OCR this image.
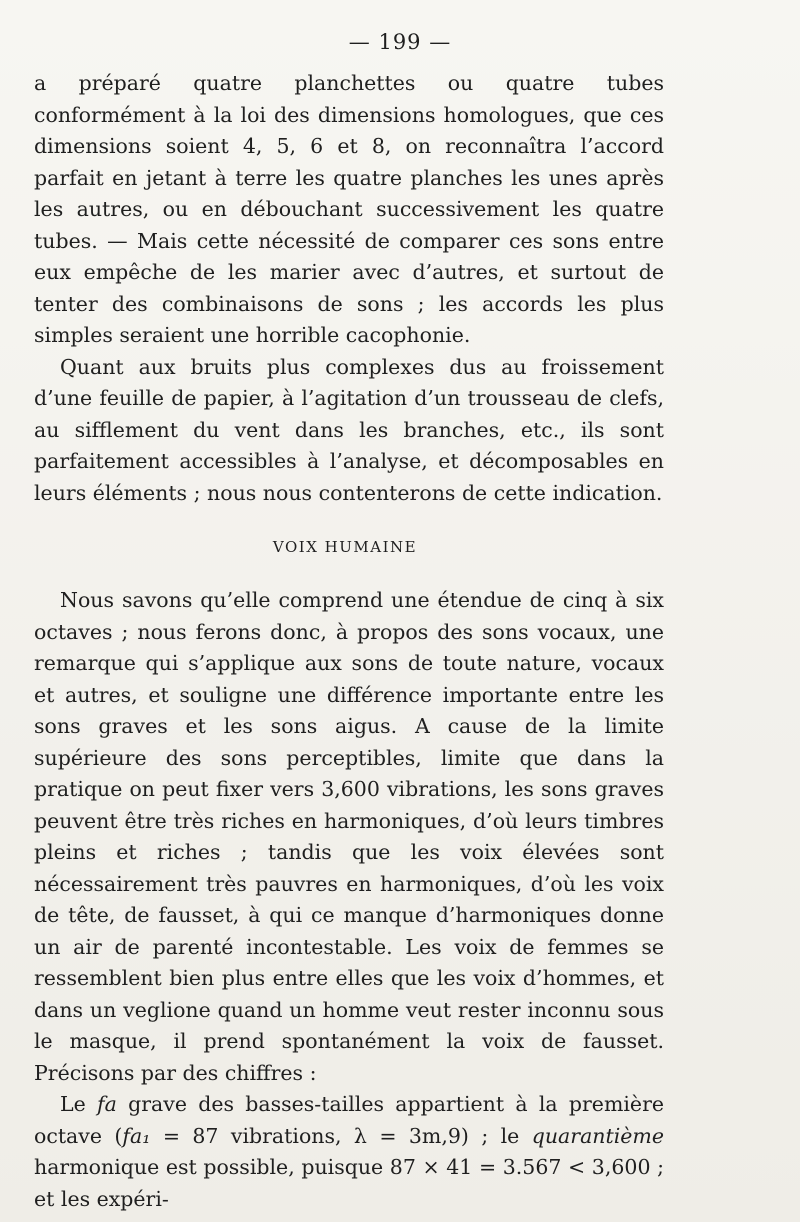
— 199 —

a préparé quatre planchettes ou quatre tubes conformément à la loi des dimensions homologues, que ces dimensions soient 4, 5, 6 et 8, on reconnaîtra l’accord parfait en jetant à terre les quatre planches les unes après les autres, ou en débouchant successivement les quatre tubes. — Mais cette nécessité de comparer ces sons entre eux empêche de les marier avec d’autres, et surtout de tenter des combinaisons de sons ; les accords les plus simples seraient une horrible cacophonie.

Quant aux bruits plus complexes dus au froissement d’une feuille de papier, à l’agitation d’un trousseau de clefs, au sifflement du vent dans les branches, etc., ils sont parfaitement accessibles à l’analyse, et décomposables en leurs éléments ; nous nous contenterons de cette indication.

VOIX HUMAINE

Nous savons qu’elle comprend une étendue de cinq à six octaves ; nous ferons donc, à propos des sons vocaux, une remarque qui s’applique aux sons de toute nature, vocaux et autres, et souligne une différence importante entre les sons graves et les sons aigus. A cause de la limite supérieure des sons perceptibles, limite que dans la pratique on peut fixer vers 3,600 vibrations, les sons graves peuvent être très riches en harmoniques, d’où leurs timbres pleins et riches ; tandis que les voix élevées sont nécessairement très pauvres en harmoniques, d’où les voix de tête, de fausset, à qui ce manque d’harmoniques donne un air de parenté incontestable. Les voix de femmes se ressemblent bien plus entre elles que les voix d’hommes, et dans un veglione quand un homme veut rester inconnu sous le masque, il prend spontanément la voix de fausset. Précisons par des chiffres :

Le fa grave des basses-tailles appartient à la première octave (fa₁ = 87 vibrations, λ = 3m,9) ; le quarantième harmonique est possible, puisque 87 × 41 = 3.567 < 3,600 ; et les expéri-
